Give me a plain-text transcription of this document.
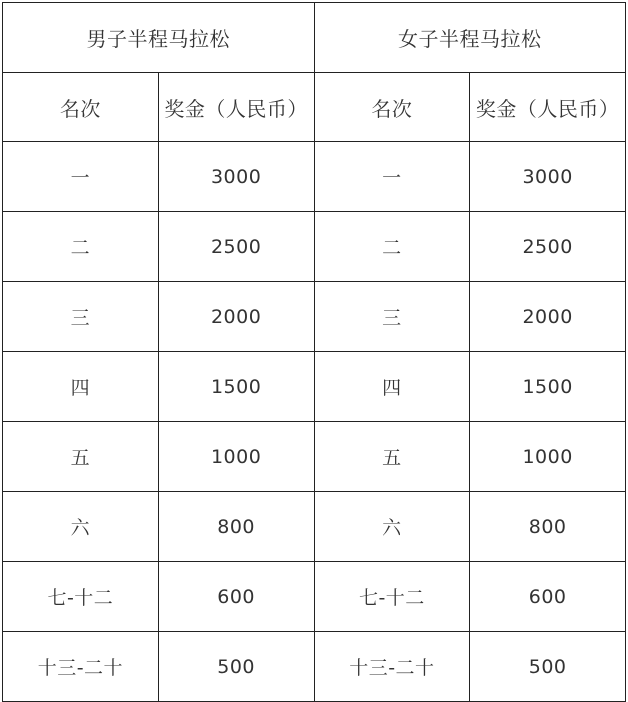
男子半程马拉松		女子半程马拉松	
名次	奖金（人民币）	名次	奖金（人民币）
一	3000	一	3000
二	2500	二	2500
三	2000	三	2000
四	1500	四	1500
五	1000	五	1000
六	800	六	800
七-十二	600	七-十二	600
十三-二十	500	十三-二十	500
